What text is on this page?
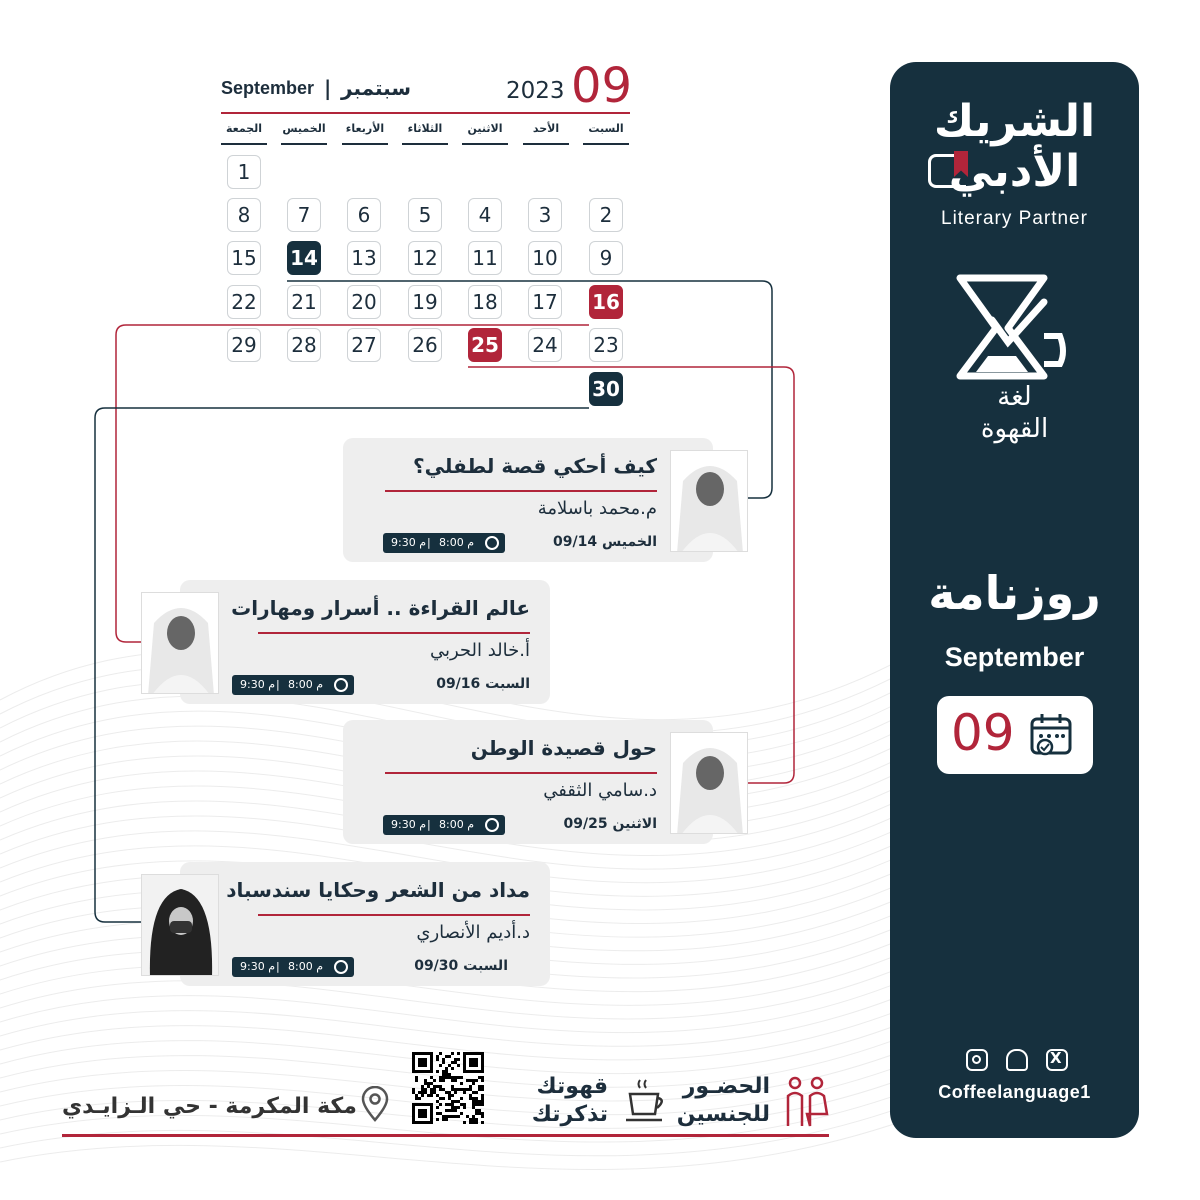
September | سبتمبر	2023 09
السبت
الأحد
الاثنين
الثلاثاء
الأربعاء
الخميس
الجمعة
1
2
3
4
5
6
7
8
9
10
11
12
13
14
15
16
17
18
19
20
21
22
23
24
25
26
27
28
29
30
كيف أحكي قصة لطفلي؟
م.محمد باسلامة
الخميس 09/14
9:30 م | 8:00 م
عالم القراءة .. أسرار ومهارات
أ.خالد الحربي
السبت 09/16
9:30 م | 8:00 م
حول قصيدة الوطن
د.سامي الثقفي
الاثنين 09/25
9:30 م | 8:00 م
مداد من الشعر وحكايا سندسباد
د.أديم الأنصاري
السبت 09/30
9:30 م | 8:00 م
الشريك
الأدبي
Literary Partner
لغة
القهوة
روزنامة
September
09
X
Coffeelanguage1
الحضـور
للجنسين
قهوتك
تذكرتك
مكة المكرمة - حي الـزايـدي
